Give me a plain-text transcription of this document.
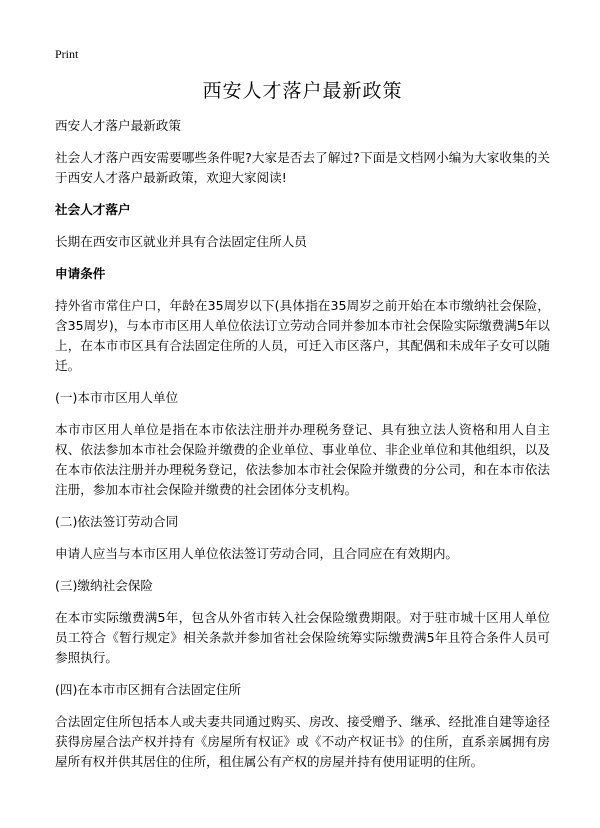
Print
西安人才落户最新政策
西安人才落户最新政策
社会人才落户西安需要哪些条件呢?大家是否去了解过?下面是文档网小编为大家收集的关于西安人才落户最新政策，欢迎大家阅读!
社会人才落户
长期在西安市区就业并具有合法固定住所人员
申请条件
持外省市常住户口，年龄在35周岁以下(具体指在35周岁之前开始在本市缴纳社会保险，含35周岁)，与本市市区用人单位依法订立劳动合同并参加本市社会保险实际缴费满5年以上，在本市市区具有合法固定住所的人员，可迁入市区落户，其配偶和未成年子女可以随迁。
(一)本市市区用人单位
本市市区用人单位是指在本市依法注册并办理税务登记、具有独立法人资格和用人自主权、依法参加本市社会保险并缴费的企业单位、事业单位、非企业单位和其他组织，以及在本市依法注册并办理税务登记，依法参加本市社会保险并缴费的分公司，和在本市依法注册，参加本市社会保险并缴费的社会团体分支机构。
(二)依法签订劳动合同
申请人应当与本市区用人单位依法签订劳动合同，且合同应在有效期内。
(三)缴纳社会保险
在本市实际缴费满5年，包含从外省市转入社会保险缴费期限。对于驻市城十区用人单位员工符合《暂行规定》相关条款并参加省社会保险统筹实际缴费满5年且符合条件人员可参照执行。
(四)在本市市区拥有合法固定住所
合法固定住所包括本人或夫妻共同通过购买、房改、接受赠予、继承、经批准自建等途径获得房屋合法产权并持有《房屋所有权证》或《不动产权证书》的住所，直系亲属拥有房屋所有权并供其居住的住所，租住属公有产权的房屋并持有使用证明的住所。
